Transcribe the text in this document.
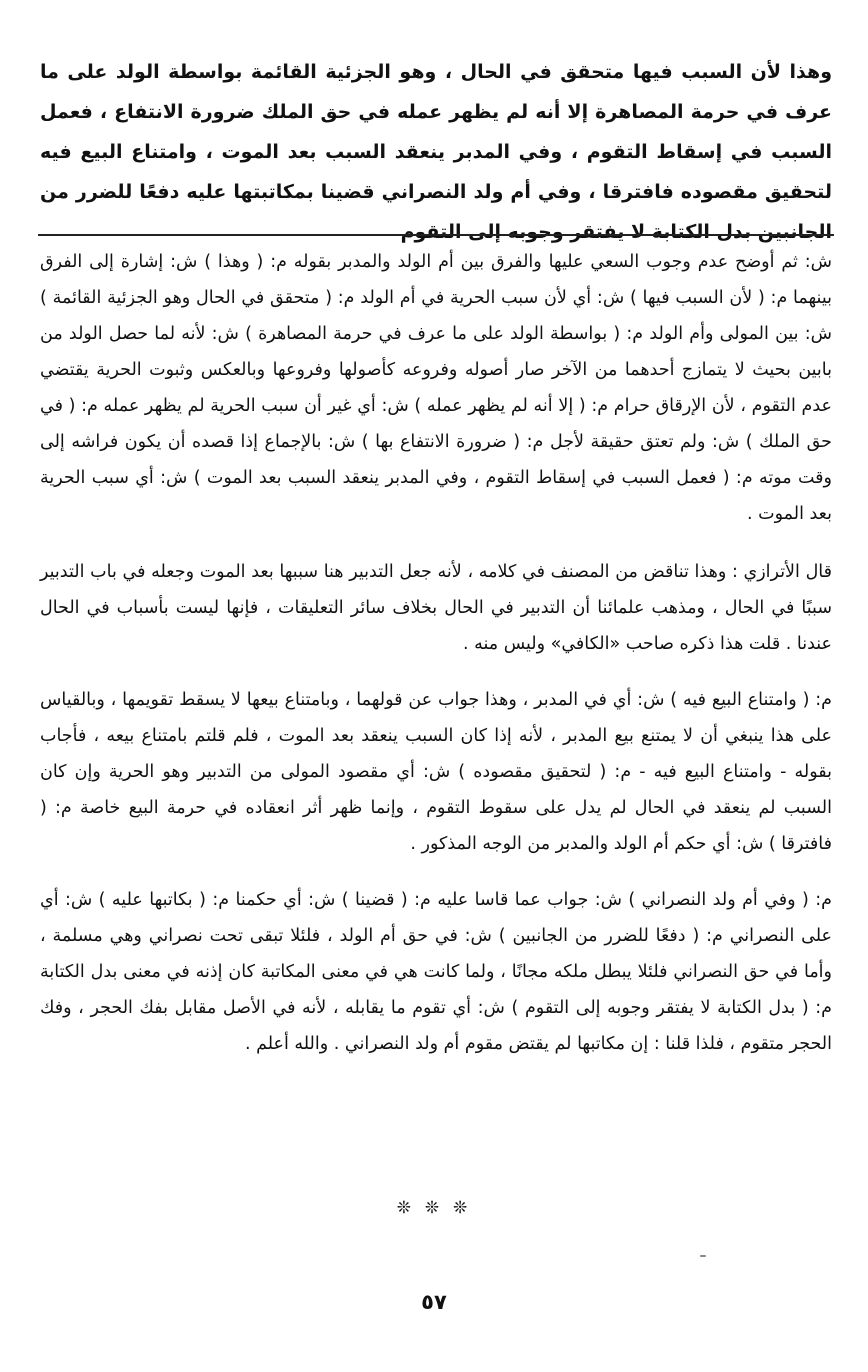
وهذا لأن السبب فيها متحقق في الحال ، وهو الجزئية القائمة بواسطة الولد على ما عرف في حرمة المصاهرة إلا أنه لم يظهر عمله في حق الملك ضرورة الانتفاع ، فعمل السبب في إسقاط التقوم ، وفي المدبر ينعقد السبب بعد الموت ، وامتناع البيع فيه لتحقيق مقصوده فافترقا ، وفي أم ولد النصراني قضينا بمكاتبتها عليه دفعًا للضرر من الجانبين بدل الكتابة لا يفتقر وجوبه إلى التقوم

ش: ثم أوضح عدم وجوب السعي عليها والفرق بين أم الولد والمدبر بقوله م: ( وهذا ) ش: إشارة إلى الفرق بينهما م: ( لأن السبب فيها ) ش: أي لأن سبب الحرية في أم الولد م: ( متحقق في الحال وهو الجزئية القائمة ) ش: بين المولى وأم الولد م: ( بواسطة الولد على ما عرف في حرمة المصاهرة ) ش: لأنه لما حصل الولد من بابين بحيث لا يتمازج أحدهما من الآخر صار أصوله وفروعه كأصولها وفروعها وبالعكس وثبوت الحرية يقتضي عدم التقوم ، لأن الإرقاق حرام م: ( إلا أنه لم يظهر عمله ) ش: أي غير أن سبب الحرية لم يظهر عمله م: ( في حق الملك ) ش: ولم تعتق حقيقة لأجل م: ( ضرورة الانتفاع بها ) ش: بالإجماع إذا قصده أن يكون فراشه إلى وقت موته م: ( فعمل السبب في إسقاط التقوم ، وفي المدبر ينعقد السبب بعد الموت ) ش: أي سبب الحرية بعد الموت .

قال الأترازي : وهذا تناقض من المصنف في كلامه ، لأنه جعل التدبير هنا سببها بعد الموت وجعله في باب التدبير سببًا في الحال ، ومذهب علمائنا أن التدبير في الحال بخلاف سائر التعليقات ، فإنها ليست بأسباب في الحال عندنا . قلت هذا ذكره صاحب «الكافي» وليس منه .

م: ( وامتناع البيع فيه ) ش: أي في المدبر ، وهذا جواب عن قولهما ، وبامتناع بيعها لا يسقط تقويمها ، وبالقياس على هذا ينبغي أن لا يمتنع بيع المدبر ، لأنه إذا كان السبب ينعقد بعد الموت ، فلم قلتم بامتناع بيعه ، فأجاب بقوله - وامتناع البيع فيه - م: ( لتحقيق مقصوده ) ش: أي مقصود المولى من التدبير وهو الحرية وإن كان السبب لم ينعقد في الحال لم يدل على سقوط التقوم ، وإنما ظهر أثر انعقاده في حرمة البيع خاصة م: ( فافترقا ) ش: أي حكم أم الولد والمدبر من الوجه المذكور .

م: ( وفي أم ولد النصراني ) ش: جواب عما قاسا عليه م: ( قضينا ) ش: أي حكمنا م: ( بكاتبها عليه ) ش: أي على النصراني م: ( دفعًا للضرر من الجانبين ) ش: في حق أم الولد ، فلئلا تبقى تحت نصراني وهي مسلمة ، وأما في حق النصراني فلئلا يبطل ملكه مجانًا ، ولما كانت هي في معنى المكاتبة كان إذنه في معنى بدل الكتابة م: ( بدل الكتابة لا يفتقر وجوبه إلى التقوم ) ش: أي تقوم ما يقابله ، لأنه في الأصل مقابل بفك الحجر ، وفك الحجر متقوم ، فلذا قلنا : إن مكاتبها لم يقتض مقوم أم ولد النصراني . والله أعلم .

❊ ❊ ❊
٥٧
